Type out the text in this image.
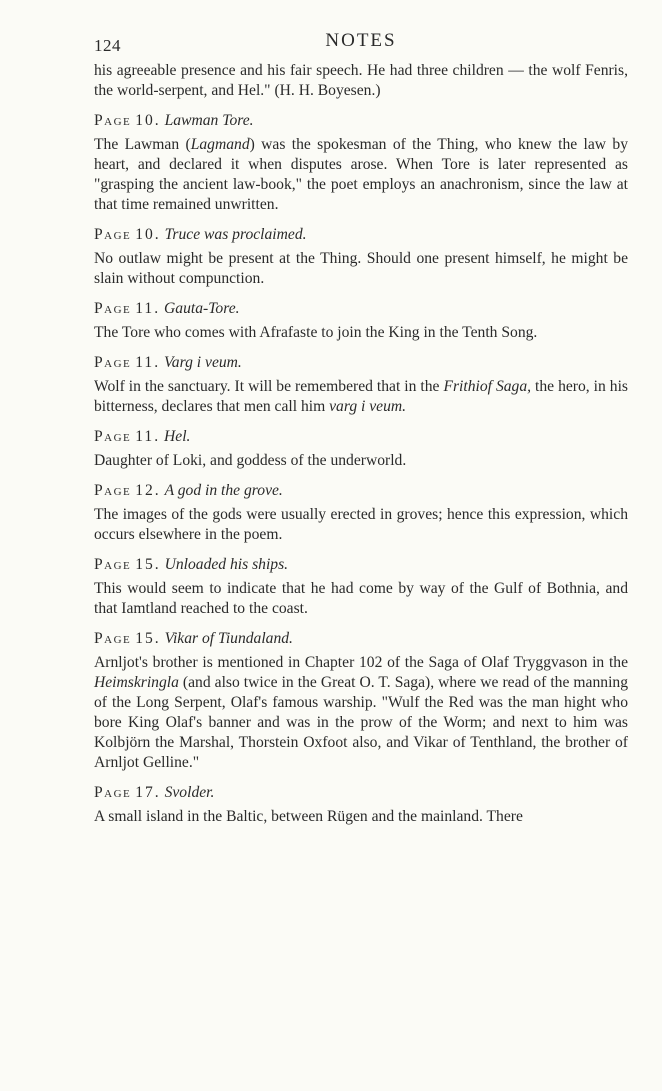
124	NOTES

his agreeable presence and his fair speech. He had three children — the wolf Fenris, the world-serpent, and Hel." (H. H. Boyesen.)

Page 10. Lawman Tore.

The Lawman (Lagmand) was the spokesman of the Thing, who knew the law by heart, and declared it when disputes arose. When Tore is later represented as "grasping the ancient law-book," the poet employs an anachronism, since the law at that time remained unwritten.

Page 10. Truce was proclaimed.

No outlaw might be present at the Thing. Should one present himself, he might be slain without compunction.

Page 11. Gauta-Tore.

The Tore who comes with Afrafaste to join the King in the Tenth Song.

Page 11. Varg i veum.

Wolf in the sanctuary. It will be remembered that in the Frithiof Saga, the hero, in his bitterness, declares that men call him varg i veum.

Page 11. Hel.

Daughter of Loki, and goddess of the underworld.

Page 12. A god in the grove.

The images of the gods were usually erected in groves; hence this expression, which occurs elsewhere in the poem.

Page 15. Unloaded his ships.

This would seem to indicate that he had come by way of the Gulf of Bothnia, and that Iamtland reached to the coast.

Page 15. Vikar of Tiundaland.

Arnljot's brother is mentioned in Chapter 102 of the Saga of Olaf Tryggvason in the Heimskringla (and also twice in the Great O. T. Saga), where we read of the manning of the Long Serpent, Olaf's famous warship. "Wulf the Red was the man hight who bore King Olaf's banner and was in the prow of the Worm; and next to him was Kolbjörn the Marshal, Thorstein Oxfoot also, and Vikar of Tenthland, the brother of Arnljot Gelline."

Page 17. Svolder.

A small island in the Baltic, between Rügen and the mainland. There
